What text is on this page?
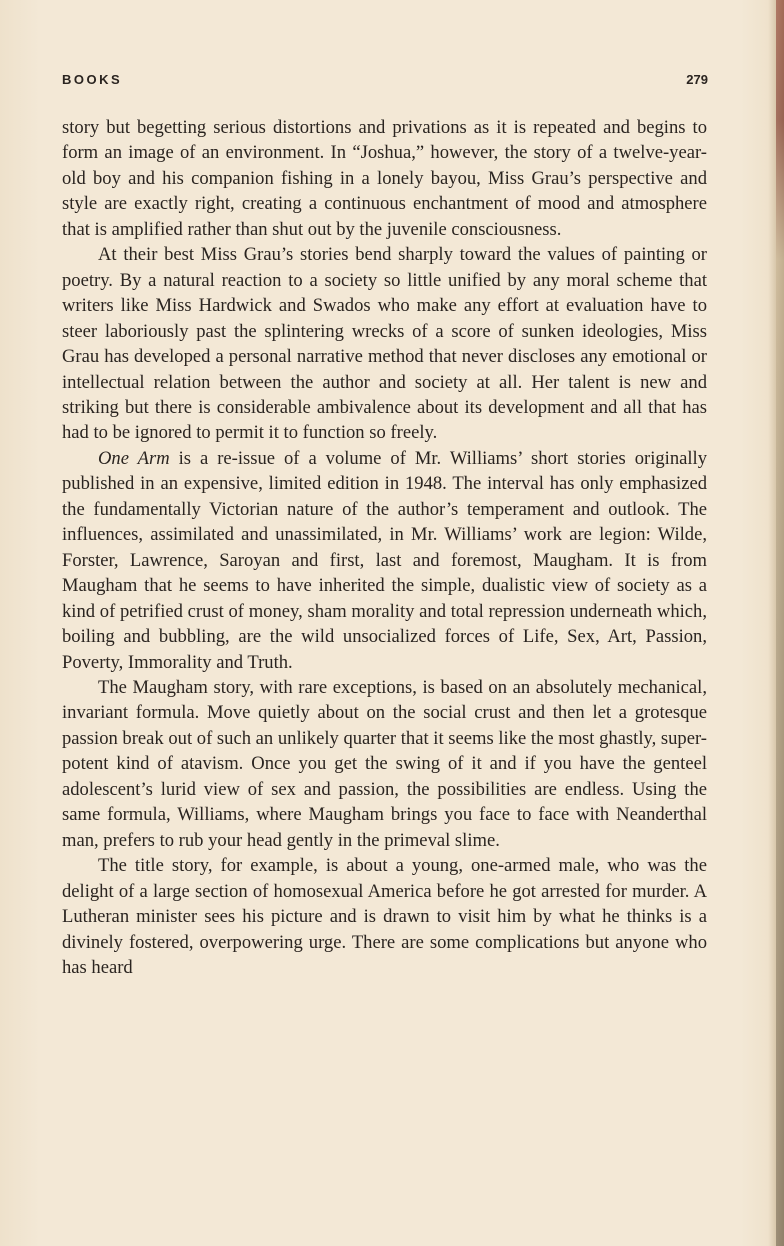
BOOKS	279

story but begetting serious distortions and privations as it is repeated and begins to form an image of an environment. In “Joshua,” however, the story of a twelve-year-old boy and his companion fishing in a lonely bayou, Miss Grau’s perspective and style are exactly right, creating a continuous enchantment of mood and atmosphere that is amplified rather than shut out by the juvenile consciousness.

At their best Miss Grau’s stories bend sharply toward the values of painting or poetry. By a natural reaction to a society so little unified by any moral scheme that writers like Miss Hardwick and Swados who make any effort at evaluation have to steer laboriously past the splintering wrecks of a score of sunken ideologies, Miss Grau has developed a personal narrative method that never discloses any emotional or intellectual relation between the author and society at all. Her talent is new and striking but there is considerable ambivalence about its development and all that has had to be ignored to permit it to function so freely.

One Arm is a re-issue of a volume of Mr. Williams’ short stories originally published in an expensive, limited edition in 1948. The interval has only emphasized the fundamentally Victorian nature of the author’s temperament and outlook. The influences, assimilated and unassimilated, in Mr. Williams’ work are legion: Wilde, Forster, Lawrence, Saroyan and first, last and foremost, Maugham. It is from Maugham that he seems to have inherited the simple, dualistic view of society as a kind of petrified crust of money, sham morality and total repression underneath which, boiling and bubbling, are the wild unsocialized forces of Life, Sex, Art, Passion, Poverty, Immorality and Truth.

The Maugham story, with rare exceptions, is based on an absolutely mechanical, invariant formula. Move quietly about on the social crust and then let a grotesque passion break out of such an unlikely quarter that it seems like the most ghastly, super-potent kind of atavism. Once you get the swing of it and if you have the genteel adolescent’s lurid view of sex and passion, the possibilities are endless. Using the same formula, Williams, where Maugham brings you face to face with Neanderthal man, prefers to rub your head gently in the primeval slime.

The title story, for example, is about a young, one-armed male, who was the delight of a large section of homosexual America before he got arrested for murder. A Lutheran minister sees his picture and is drawn to visit him by what he thinks is a divinely fostered, overpowering urge. There are some complications but anyone who has heard
